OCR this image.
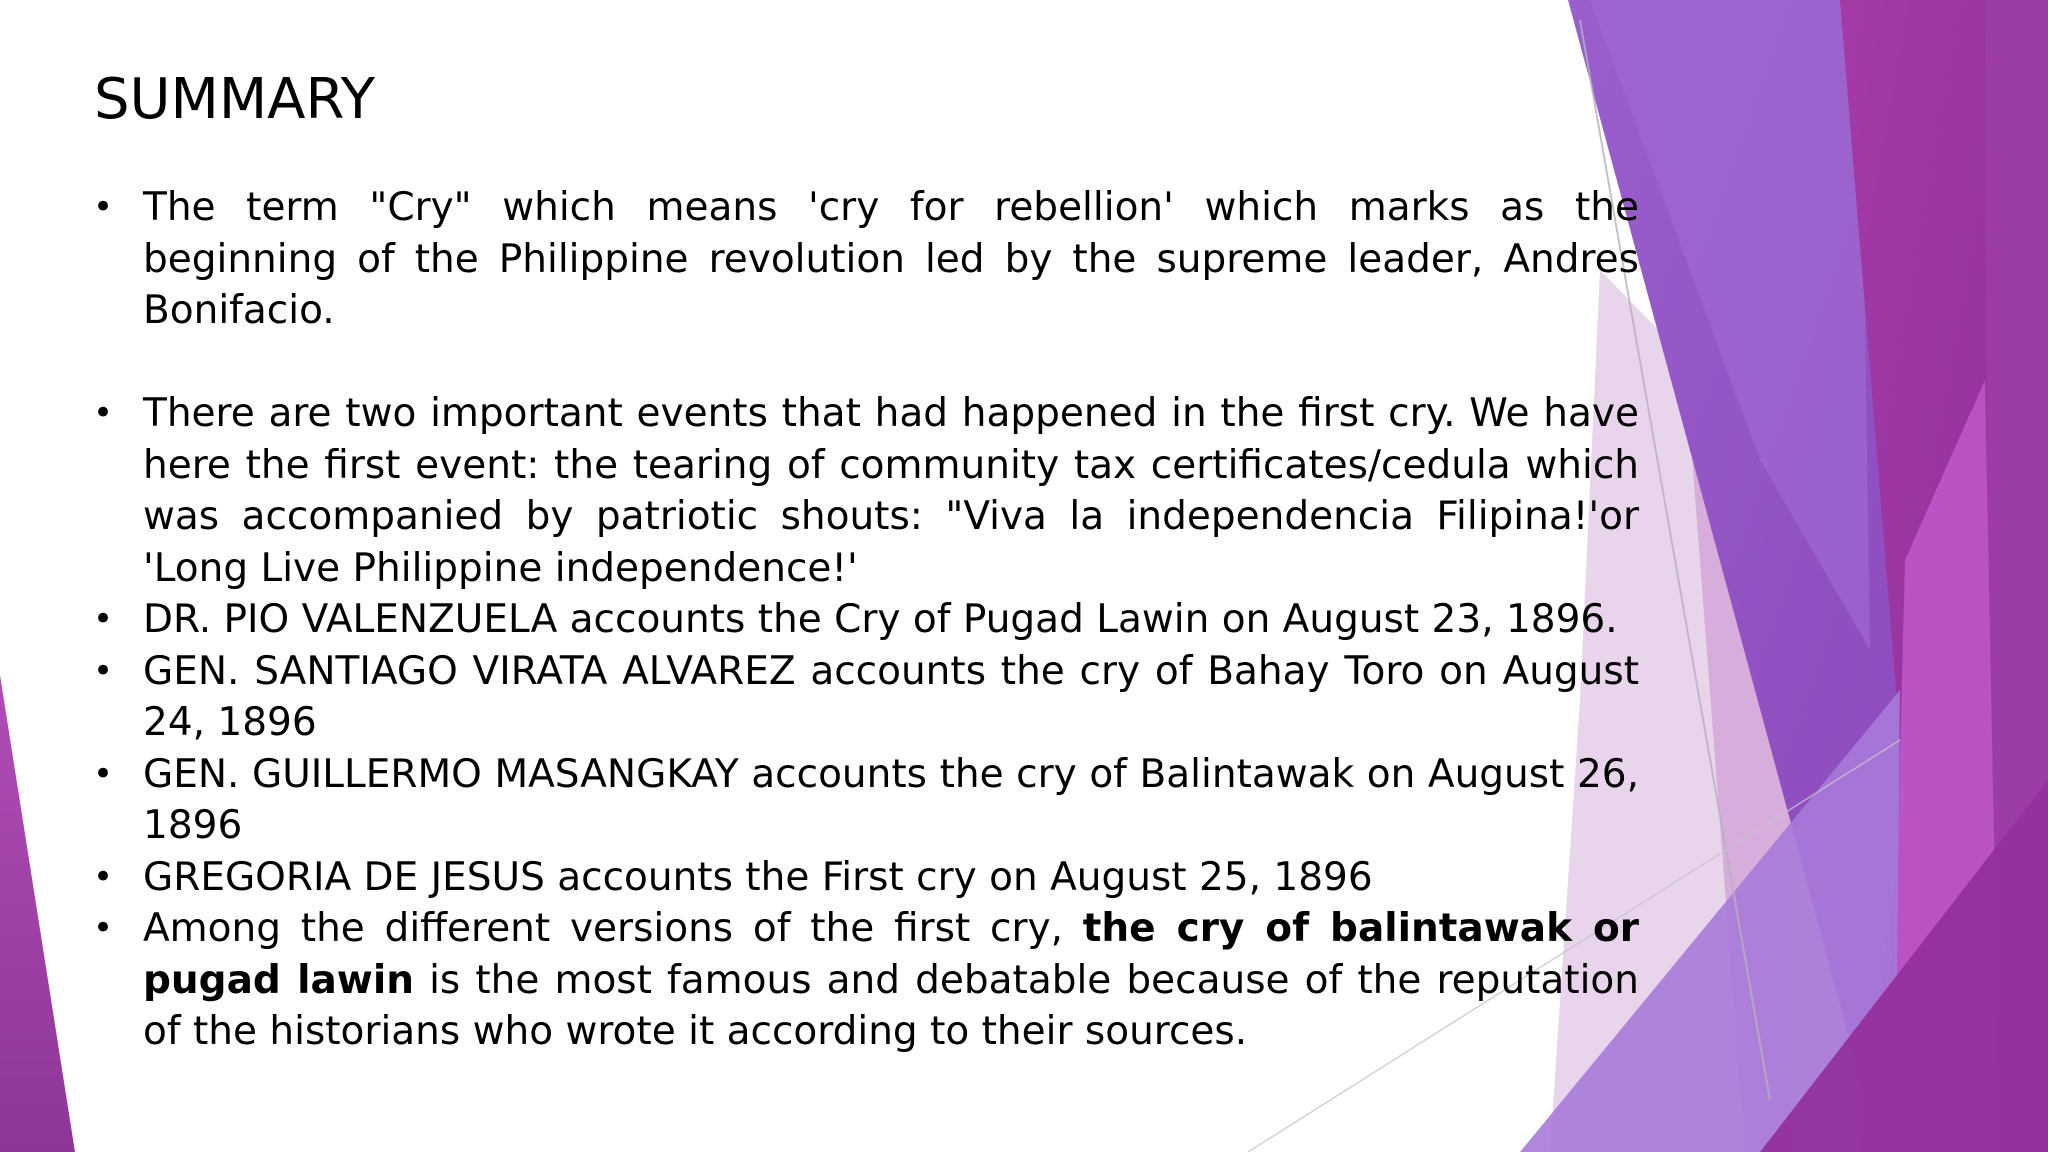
SUMMARY
• The term "Cry" which means 'cry for rebellion' which marks as the beginning of the Philippine revolution led by the supreme leader, Andres Bonifacio.
• There are two important events that had happened in the first cry. We have here the first event: the tearing of community tax certificates/cedula which was accompanied by patriotic shouts: "Viva la independencia Filipina!'or 'Long Live Philippine independence!'
• DR. PIO VALENZUELA accounts the Cry of Pugad Lawin on August 23, 1896.
• GEN. SANTIAGO VIRATA ALVAREZ accounts the cry of Bahay Toro on August 24, 1896
• GEN. GUILLERMO MASANGKAY accounts the cry of Balintawak on August 26, 1896
• GREGORIA DE JESUS accounts the First cry on August 25, 1896
• Among the different versions of the first cry, the cry of balintawak or pugad lawin is the most famous and debatable because of the reputation of the historians who wrote it according to their sources.
